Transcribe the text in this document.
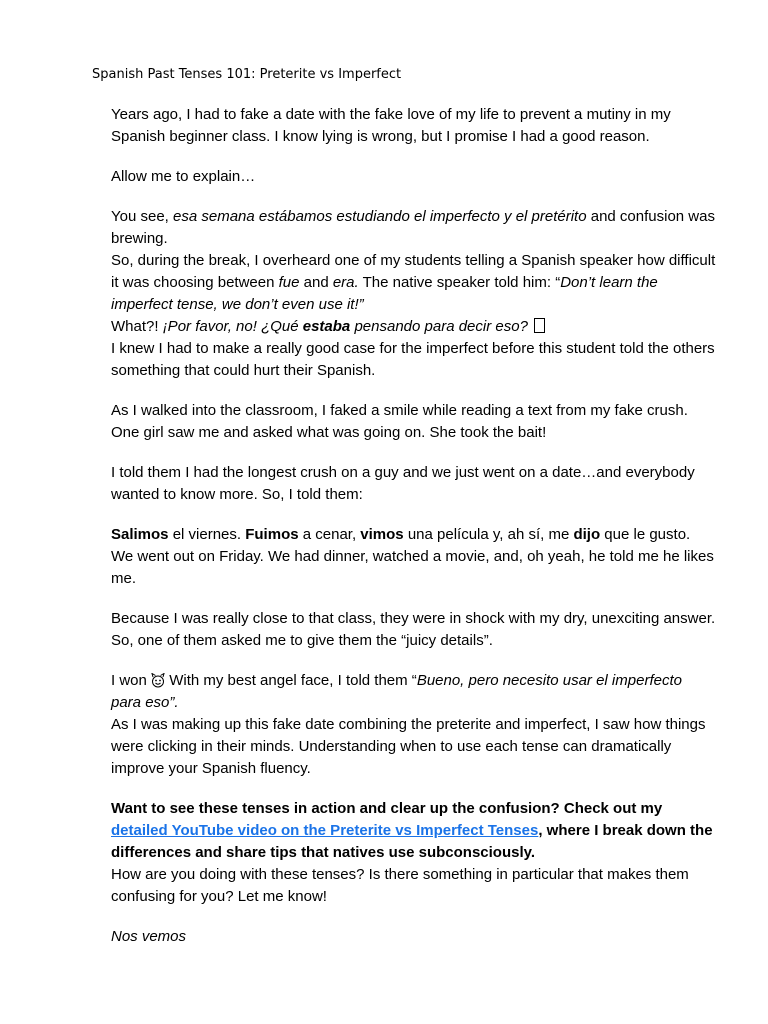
Spanish Past Tenses 101: Preterite vs Imperfect

Years ago, I had to fake a date with the fake love of my life to prevent a mutiny in my Spanish beginner class. I know lying is wrong, but I promise I had a good reason.

Allow me to explain…

You see, esa semana estábamos estudiando el imperfecto y el pretérito and confusion was brewing.

So, during the break, I overheard one of my students telling a Spanish speaker how difficult it was choosing between fue and era. The native speaker told him: “Don’t learn the imperfect tense, we don’t even use it!”

What?! ¡Por favor, no! ¿Qué estaba pensando para decir eso?

I knew I had to make a really good case for the imperfect before this student told the others something that could hurt their Spanish.

As I walked into the classroom, I faked a smile while reading a text from my fake crush. One girl saw me and asked what was going on. She took the bait!

I told them I had the longest crush on a guy and we just went on a date…and everybody wanted to know more. So, I told them:

Salimos el viernes. Fuimos a cenar, vimos una película y, ah sí, me dijo que le gusto.
We went out on Friday. We had dinner, watched a movie, and, oh yeah, he told me he likes me.

Because I was really close to that class, they were in shock with my dry, unexciting answer. So, one of them asked me to give them the “juicy details”.

I won  With my best angel face, I told them “Bueno, pero necesito usar el imperfecto para eso”.

As I was making up this fake date combining the preterite and imperfect, I saw how things were clicking in their minds. Understanding when to use each tense can dramatically improve your Spanish fluency.

Want to see these tenses in action and clear up the confusion? Check out my detailed YouTube video on the Preterite vs Imperfect Tenses, where I break down the differences and share tips that natives use subconsciously.

How are you doing with these tenses? Is there something in particular that makes them confusing for you? Let me know!

Nos vemos
